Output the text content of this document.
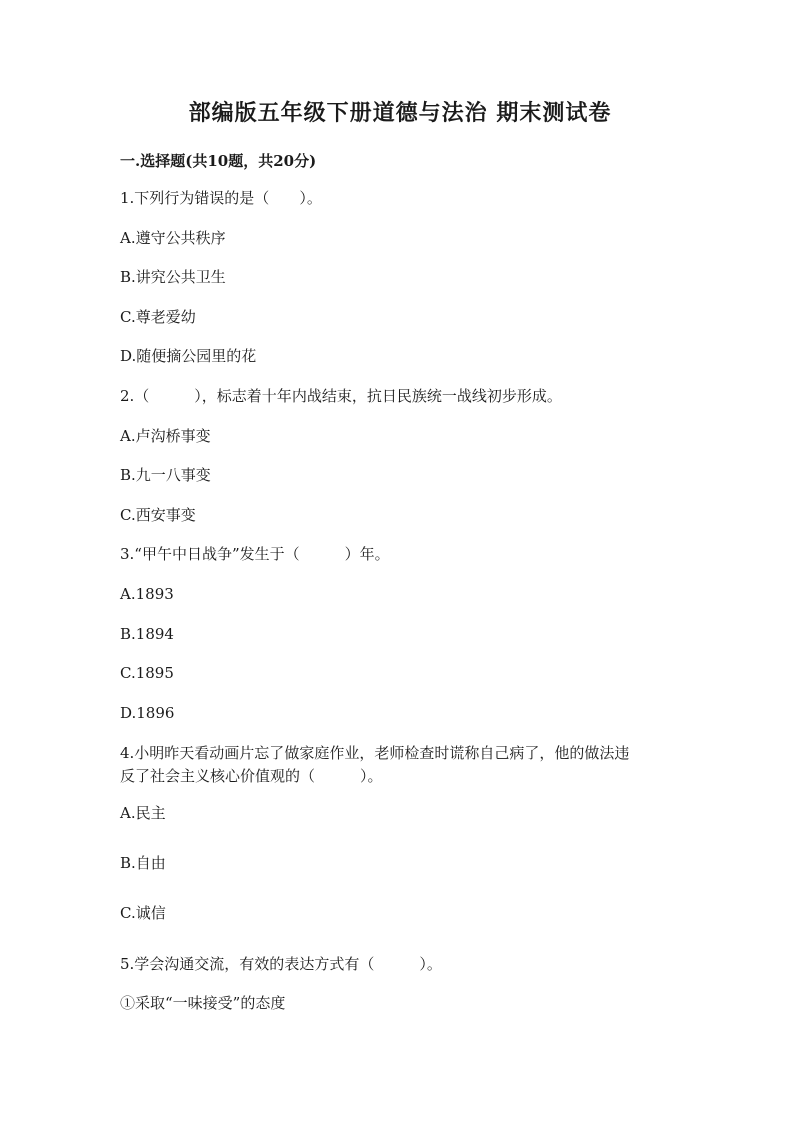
部编版五年级下册道德与法治 期末测试卷
一.选择题(共10题，共20分)
1.下列行为错误的是（　　）。
A.遵守公共秩序
B.讲究公共卫生
C.尊老爱幼
D.随便摘公园里的花
2.（　　　），标志着十年内战结束，抗日民族统一战线初步形成。
A.卢沟桥事变
B.九一八事变
C.西安事变
3.“甲午中日战争”发生于（　　　）年。
A.1893
B.1894
C.1895
D.1896
4.小明昨天看动画片忘了做家庭作业，老师检查时谎称自己病了，他的做法违
反了社会主义核心价值观的（　　　）。
A.民主
B.自由
C.诚信
5.学会沟通交流，有效的表达方式有（　　　）。
①采取“一味接受”的态度
